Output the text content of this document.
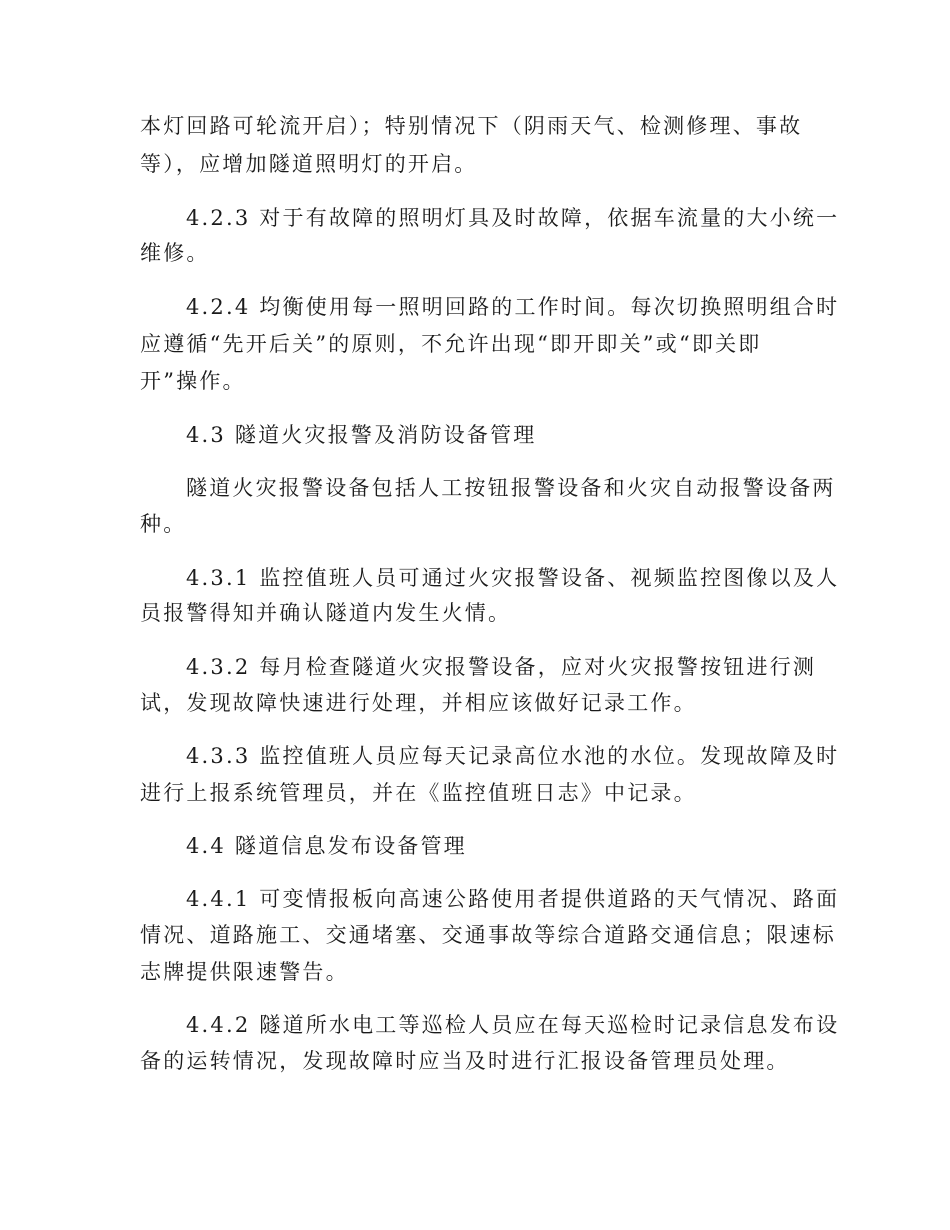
本灯回路可轮流开启）；特别情况下（阴雨天气、检测修理、事故
等），应增加隧道照明灯的开启。
4.2.3 对于有故障的照明灯具及时故障，依据车流量的大小统一
维修。
4.2.4 均衡使用每一照明回路的工作时间。每次切换照明组合时
应遵循“先开后关”的原则，不允许出现“即开即关”或“即关即
开”操作。
4.3 隧道火灾报警及消防设备管理
隧道火灾报警设备包括人工按钮报警设备和火灾自动报警设备两
种。
4.3.1 监控值班人员可通过火灾报警设备、视频监控图像以及人
员报警得知并确认隧道内发生火情。
4.3.2 每月检查隧道火灾报警设备，应对火灾报警按钮进行测
试，发现故障快速进行处理，并相应该做好记录工作。
4.3.3 监控值班人员应每天记录高位水池的水位。发现故障及时
进行上报系统管理员，并在《监控值班日志》中记录。
4.4 隧道信息发布设备管理
4.4.1 可变情报板向高速公路使用者提供道路的天气情况、路面
情况、道路施工、交通堵塞、交通事故等综合道路交通信息；限速标
志牌提供限速警告。
4.4.2 隧道所水电工等巡检人员应在每天巡检时记录信息发布设
备的运转情况，发现故障时应当及时进行汇报设备管理员处理。
